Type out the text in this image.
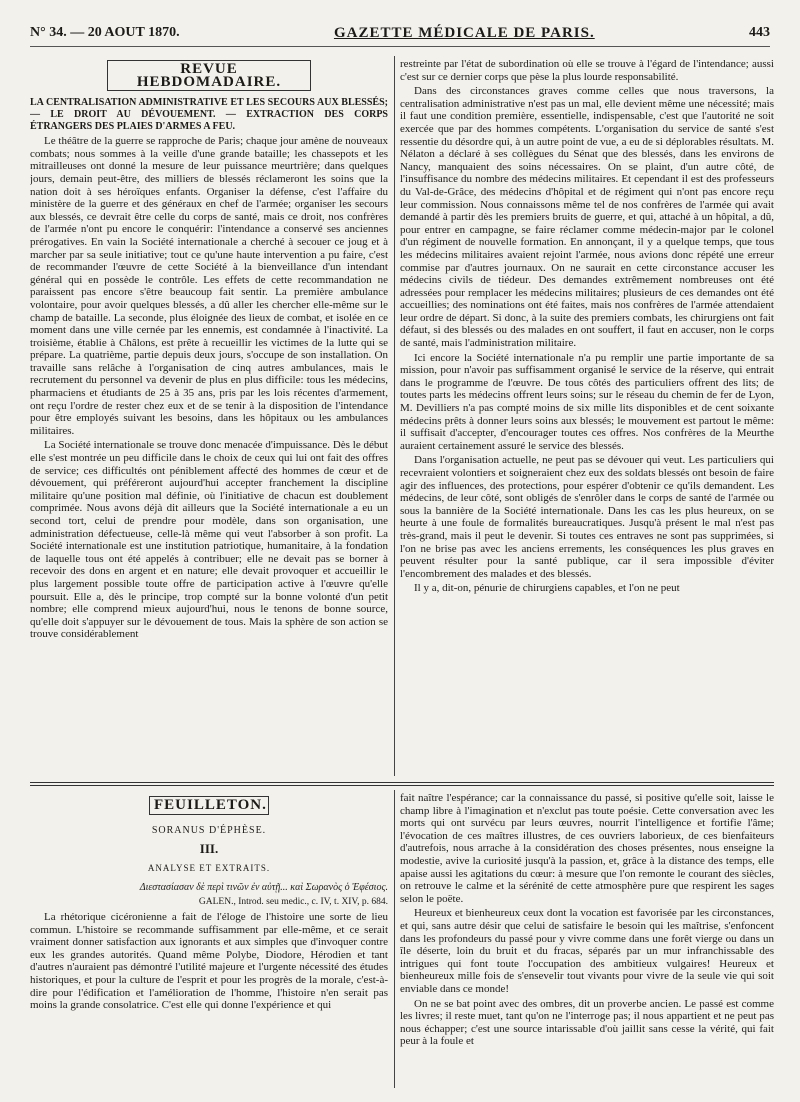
N° 34. — 20 AOUT 1870.	GAZETTE MÉDICALE DE PARIS.	443
REVUE HEBDOMADAIRE.

LA CENTRALISATION ADMINISTRATIVE ET LES SECOURS AUX BLESSÉS; — LE DROIT AU DÉVOUEMENT. — EXTRACTION DES CORPS ÉTRANGERS DES PLAIES D'ARMES A FEU.

Le théâtre de la guerre se rapproche de Paris; chaque jour amène de nouveaux combats; nous sommes à la veille d'une grande bataille; les chassepots et les mitrailleuses ont donné la mesure de leur puissance meurtrière; dans quelques jours, demain peut-être, des milliers de blessés réclameront les soins que la nation doit à ses héroïques enfants. Organiser la défense, c'est l'affaire du ministère de la guerre et des généraux en chef de l'armée; organiser les secours aux blessés, ce devrait être celle du corps de santé, mais ce droit, nos confrères de l'armée n'ont pu encore le conquérir: l'intendance a conservé ses anciennes prérogatives. En vain la Société internationale a cherché à secouer ce joug et à marcher par sa seule initiative; tout ce qu'une haute intervention a pu faire, c'est de recommander l'œuvre de cette Société à la bienveillance d'un intendant général qui en possède le contrôle. Les effets de cette recommandation ne paraissent pas encore s'être beaucoup fait sentir. La première ambulance volontaire, pour avoir quelques blessés, a dû aller les chercher elle-même sur le champ de bataille. La seconde, plus éloignée des lieux de combat, et isolée en ce moment dans une ville cernée par les ennemis, est condamnée à l'inactivité. La troisième, établie à Châlons, est prête à recueillir les victimes de la lutte qui se prépare. La quatrième, partie depuis deux jours, s'occupe de son installation. On travaille sans relâche à l'organisation de cinq autres ambulances, mais le recrutement du personnel va devenir de plus en plus difficile: tous les médecins, pharmaciens et étudiants de 25 à 35 ans, pris par les lois récentes d'armement, ont reçu l'ordre de rester chez eux et de se tenir à la disposition de l'intendance pour être employés suivant les besoins, dans les hôpitaux ou les ambulances militaires.

La Société internationale se trouve donc menacée d'impuissance. Dès le début elle s'est montrée un peu difficile dans le choix de ceux qui lui ont fait des offres de service; ces difficultés ont péniblement affecté des hommes de cœur et de dévouement, qui préféreront aujourd'hui accepter franchement la discipline militaire qu'une position mal définie, où l'initiative de chacun est doublement comprimée. Nous avons déjà dit ailleurs que la Société internationale a eu un second tort, celui de prendre pour modèle, dans son organisation, une administration défectueuse, celle-là même qui veut l'absorber à son profit. La Société internationale est une institution patriotique, humanitaire, à la fondation de laquelle tous ont été appelés à contribuer; elle ne devait pas se borner à recevoir des dons en argent et en nature; elle devait provoquer et accueillir le plus largement possible toute offre de participation active à l'œuvre qu'elle poursuit. Elle a, dès le principe, trop compté sur la bonne volonté d'un petit nombre; elle comprend mieux aujourd'hui, nous le tenons de bonne source, qu'elle doit s'appuyer sur le dévouement de tous. Mais la sphère de son action se trouve considérablement

restreinte par l'état de subordination où elle se trouve à l'égard de l'intendance; aussi c'est sur ce dernier corps que pèse la plus lourde responsabilité.

Dans des circonstances graves comme celles que nous traversons, la centralisation administrative n'est pas un mal, elle devient même une nécessité; mais il faut une condition première, essentielle, indispensable, c'est que l'autorité ne soit exercée que par des hommes compétents. L'organisation du service de santé s'est ressentie du désordre qui, à un autre point de vue, a eu de si déplorables résultats. M. Nélaton a déclaré à ses collègues du Sénat que des blessés, dans les environs de Nancy, manquaient des soins nécessaires. On se plaint, d'un autre côté, de l'insuffisance du nombre des médecins militaires. Et cependant il est des professeurs du Val-de-Grâce, des médecins d'hôpital et de régiment qui n'ont pas encore reçu leur commission. Nous connaissons même tel de nos confrères de l'armée qui avait demandé à partir dès les premiers bruits de guerre, et qui, attaché à un hôpital, a dû, pour entrer en campagne, se faire réclamer comme médecin-major par le colonel d'un régiment de nouvelle formation. En annonçant, il y a quelque temps, que tous les médecins militaires avaient rejoint l'armée, nous avions donc répété une erreur commise par d'autres journaux. On ne saurait en cette circonstance accuser les médecins civils de tiédeur. Des demandes extrêmement nombreuses ont été adressées pour remplacer les médecins militaires; plusieurs de ces demandes ont été accueillies; des nominations ont été faites, mais nos confrères de l'armée attendaient leur ordre de départ. Si donc, à la suite des premiers combats, les chirurgiens ont fait défaut, si des blessés ou des malades en ont souffert, il faut en accuser, non le corps de santé, mais l'administration militaire.

Ici encore la Société internationale n'a pu remplir une partie importante de sa mission, pour n'avoir pas suffisamment organisé le service de la réserve, qui entrait dans le programme de l'œuvre. De tous côtés des particuliers offrent des lits; de toutes parts les médecins offrent leurs soins; sur le réseau du chemin de fer de Lyon, M. Devilliers n'a pas compté moins de six mille lits disponibles et de cent soixante médecins prêts à donner leurs soins aux blessés; le mouvement est partout le même: il suffisait d'accepter, d'encourager toutes ces offres. Nos confrères de la Meurthe auraient certainement assuré le service des blessés.

Dans l'organisation actuelle, ne peut pas se dévouer qui veut. Les particuliers qui recevraient volontiers et soigneraient chez eux des soldats blessés ont besoin de faire agir des influences, des protections, pour espérer d'obtenir ce qu'ils demandent. Les médecins, de leur côté, sont obligés de s'enrôler dans le corps de santé de l'armée ou sous la bannière de la Société internationale. Dans les cas les plus heureux, on se heurte à une foule de formalités bureaucratiques. Jusqu'à présent le mal n'est pas très-grand, mais il peut le devenir. Si toutes ces entraves ne sont pas supprimées, si l'on ne brise pas avec les anciens errements, les conséquences les plus graves en peuvent résulter pour la santé publique, car il sera impossible d'éviter l'encombrement des malades et des blessés.

Il y a, dit-on, pénurie de chirurgiens capables, et l'on ne peut

FEUILLETON.
SORANUS D'ÉPHÈSE.
III.
ANALYSE ET EXTRAITS.

Διεστασίασαν δὲ περὶ τινῶν ἐν αὐτῇ... καὶ Σωρανὸς ὁ Ἐφέσιος.

GALEN., Introd. seu medic., c. IV, t. XIV, p. 684.

La rhétorique cicéronienne a fait de l'éloge de l'histoire une sorte de lieu commun. L'histoire se recommande suffisamment par elle-même, et ce serait vraiment donner satisfaction aux ignorants et aux simples que d'invoquer contre eux les grandes autorités. Quand même Polybe, Diodore, Hérodien et tant d'autres n'auraient pas démontré l'utilité majeure et l'urgente nécessité des études historiques, et pour la culture de l'esprit et pour les progrès de la morale, c'est-à-dire pour l'édification et l'amélioration de l'homme, l'histoire n'en serait pas moins la grande consolatrice. C'est elle qui donne l'expérience et qui

fait naître l'espérance; car la connaissance du passé, si positive qu'elle soit, laisse le champ libre à l'imagination et n'exclut pas toute poésie. Cette conversation avec les morts qui ont survécu par leurs œuvres, nourrit l'intelligence et fortifie l'âme; l'évocation de ces maîtres illustres, de ces ouvriers laborieux, de ces bienfaiteurs d'autrefois, nous arrache à la considération des choses présentes, nous enseigne la modestie, avive la curiosité jusqu'à la passion, et, grâce à la distance des temps, elle apaise aussi les agitations du cœur: à mesure que l'on remonte le courant des siècles, on retrouve le calme et la sérénité de cette atmosphère pure que respirent les sages selon le poëte.

Heureux et bienheureux ceux dont la vocation est favorisée par les circonstances, et qui, sans autre désir que celui de satisfaire le besoin qui les maîtrise, s'enfoncent dans les profondeurs du passé pour y vivre comme dans une forêt vierge ou dans un île déserte, loin du bruit et du fracas, séparés par un mur infranchissable des intrigues qui font toute l'occupation des ambitieux vulgaires! Heureux et bienheureux mille fois de s'ensevelir tout vivants pour vivre de la seule vie qui soit enviable dans ce monde!

On ne se bat point avec des ombres, dit un proverbe ancien. Le passé est comme les livres; il reste muet, tant qu'on ne l'interroge pas; il nous appartient et ne peut pas nous échapper; c'est une source intarissable d'où jaillit sans cesse la vérité, qui fait peur à la foule et
